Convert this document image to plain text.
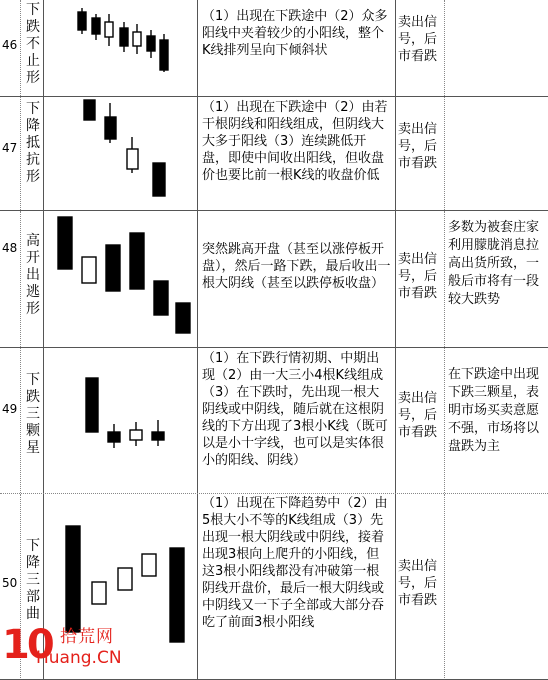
46
下跌不止形
（1）出现在下跌途中（2）众多阳线中夹着较少的小阳线，整个K线排列呈向下倾斜状
卖出信号，后市看跌
47
下降抵抗形
（1）出现在下跌途中（2）由若干根阴线和阳线组成，但阴线大大多于阳线（3）连续跳低开盘，即使中间收出阳线，但收盘价也要比前一根K线的收盘价低
卖出信号，后市看跌
48 高开出逃形
突然跳高开盘（甚至以涨停板开盘），然后一路下跌，最后收出一根大阴线（甚至以跌停板收盘）
卖出信号，后市看跌
多数为被套庄家利用朦胧消息拉高出货所致，一般后市将有一段较大跌势
49
下跌三颗星
（1）在下跌行情初期、中期出现（2）由一大三小4根K线组成（3）在下跌时，先出现一根大阴线或中阴线，随后就在这根阴线的下方出现了3根小K线（既可以是小十字线，也可以是实体很小的阳线、阴线）
卖出信号，后市看跌
在下跌途中出现下跌三颗星，表明市场买卖意愿不强，市场将以盘跌为主
50
下降三部曲
（1）出现在下降趋势中（2）由5根大小不等的K线组成（3）先出现一根大阴线或中阴线，接着出现3根向上爬升的小阳线，但这3根小阳线都没有冲破第一根阴线开盘价，最后一根大阴线或中阴线又一下子全部或大部分吞吃了前面3根小阳线
卖出信号，后市看跌
10 拾荒网
Huang.CN
